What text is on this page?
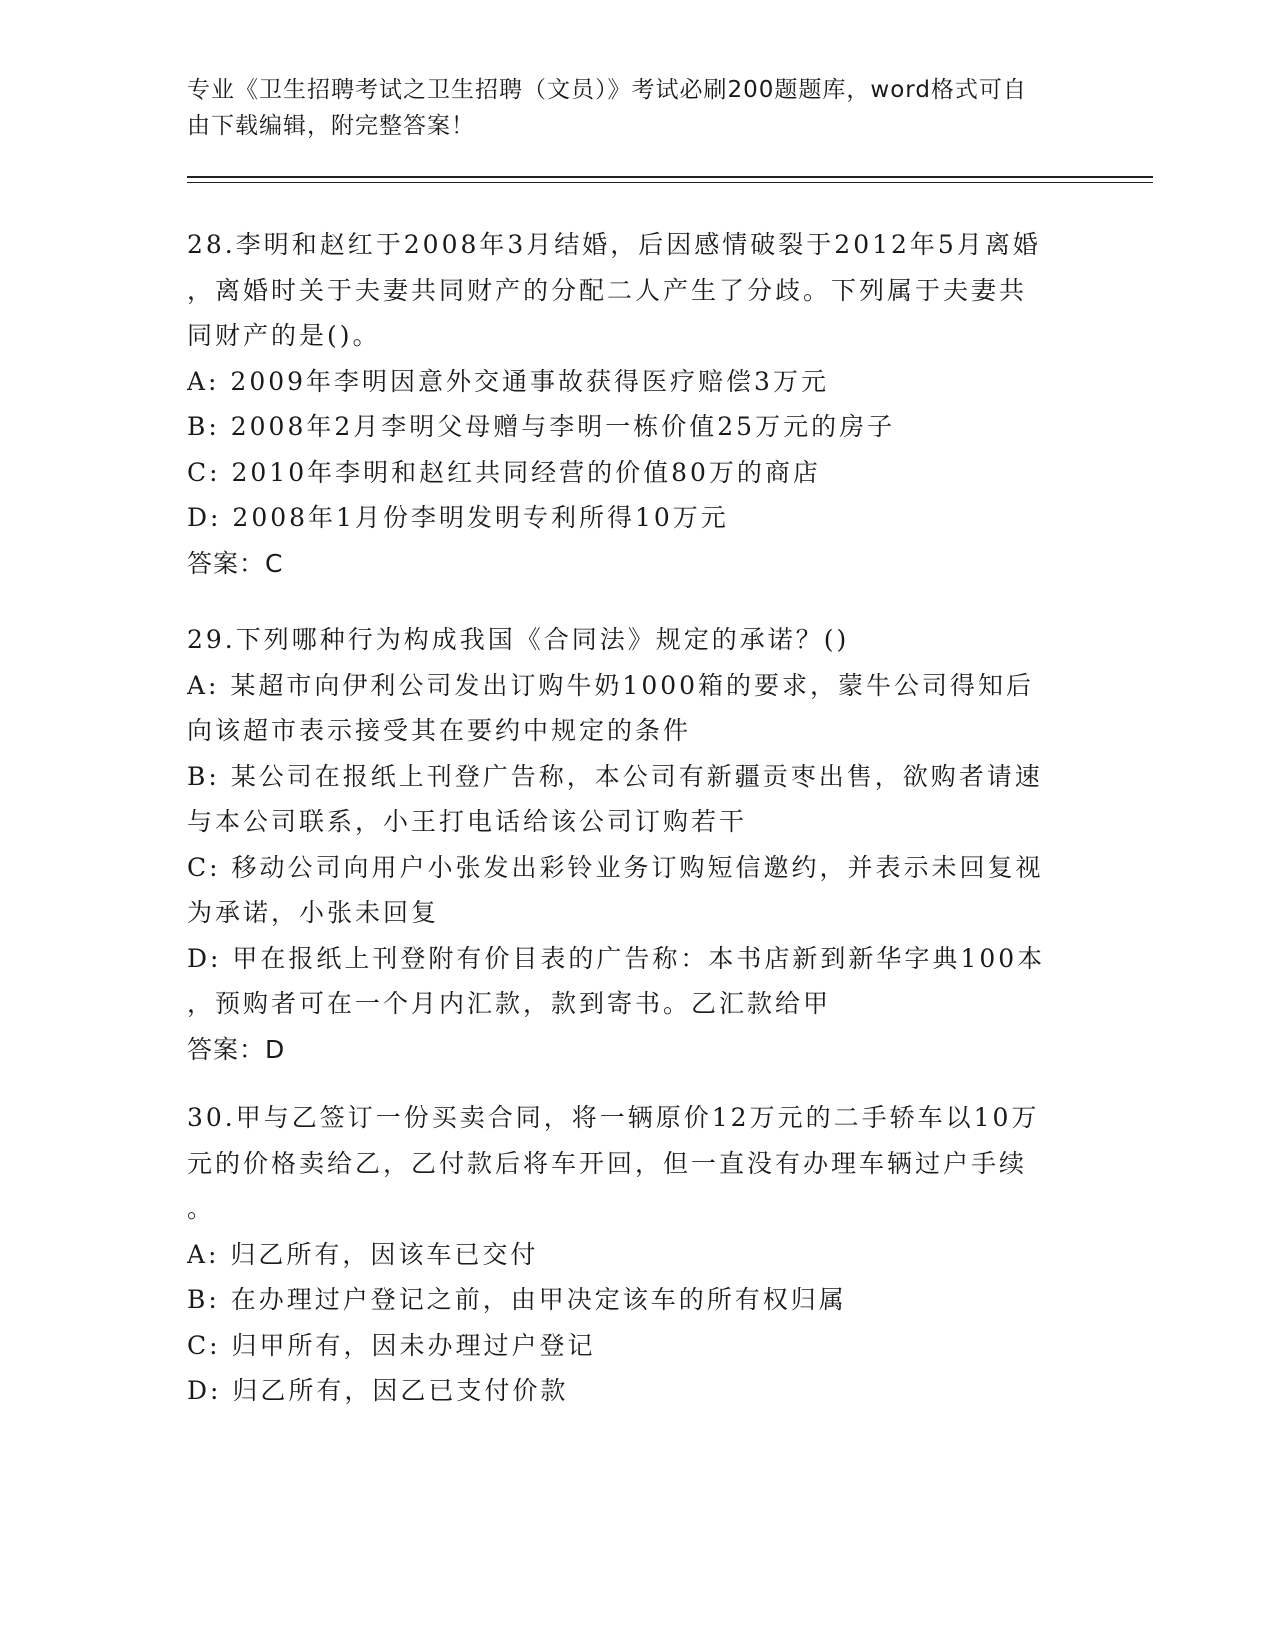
专业《卫生招聘考试之卫生招聘（文员）》考试必刷200题题库，word格式可自
由下载编辑，附完整答案！
28.李明和赵红于2008年3月结婚，后因感情破裂于2012年5月离婚
，离婚时关于夫妻共同财产的分配二人产生了分歧。下列属于夫妻共
同财产的是()。
A: 2009年李明因意外交通事故获得医疗赔偿3万元
B: 2008年2月李明父母赠与李明一栋价值25万元的房子
C: 2010年李明和赵红共同经营的价值80万的商店
D: 2008年1月份李明发明专利所得10万元
答案：C
29.下列哪种行为构成我国《合同法》规定的承诺？()
A: 某超市向伊利公司发出订购牛奶1000箱的要求，蒙牛公司得知后
向该超市表示接受其在要约中规定的条件
B: 某公司在报纸上刊登广告称，本公司有新疆贡枣出售，欲购者请速
与本公司联系，小王打电话给该公司订购若干
C: 移动公司向用户小张发出彩铃业务订购短信邀约，并表示未回复视
为承诺，小张未回复
D: 甲在报纸上刊登附有价目表的广告称：本书店新到新华字典100本
，预购者可在一个月内汇款，款到寄书。乙汇款给甲
答案：D
30.甲与乙签订一份买卖合同，将一辆原价12万元的二手轿车以10万
元的价格卖给乙，乙付款后将车开回，但一直没有办理车辆过户手续
。
A: 归乙所有，因该车已交付
B: 在办理过户登记之前，由甲决定该车的所有权归属
C: 归甲所有，因未办理过户登记
D: 归乙所有，因乙已支付价款
